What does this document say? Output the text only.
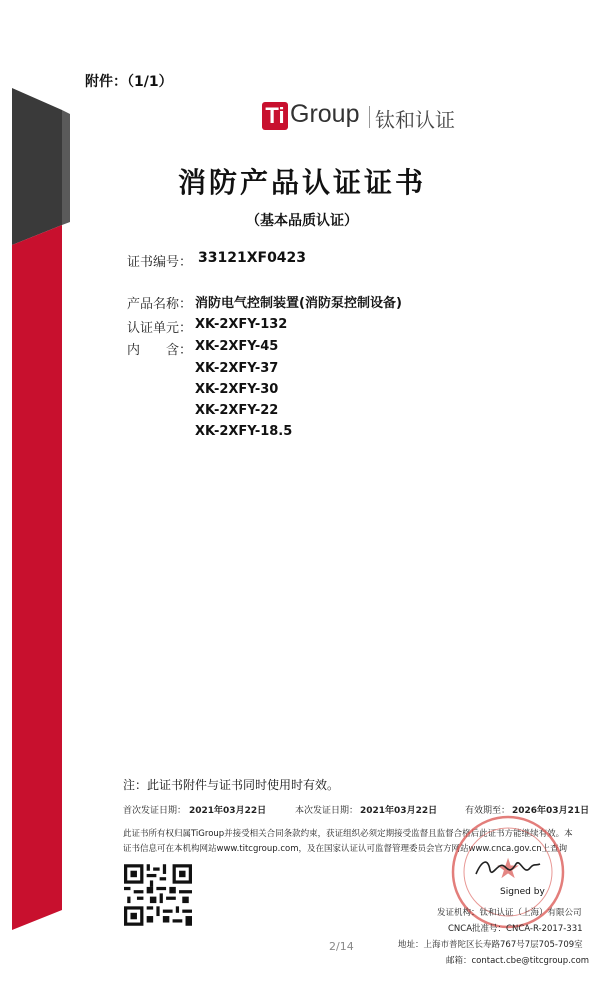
附件：（1/1）
Ti Group 钛和认证
消防产品认证证书
（基本品质认证）
证书编号： 33121XF0423
产品名称： 消防电气控制装置(消防泵控制设备)
认证单元： XK-2XFY-132
内　　含： XK-2XFY-45
XK-2XFY-37
XK-2XFY-30
XK-2XFY-22
XK-2XFY-18.5
注：此证书附件与证书同时使用时有效。
首次发证日期： 2021年03月22日	本次发证日期： 2021年03月22日	有效期至： 2026年03月21日
此证书所有权归属TiGroup并接受相关合同条款约束，获证组织必须定期接受监督且监督合格后此证书方能继续有效。本
证书信息可在本机构网站www.titcgroup.com，及在国家认证认可监督管理委员会官方网站www.cnca.gov.cn上查询
★
Signed by
发证机构：钛和认证（上海）有限公司
CNCA批准号：CNCA-R-2017-331
地址：上海市普陀区长寿路767号7层705-709室
邮箱：contact.cbe@titcgroup.com
2/14
